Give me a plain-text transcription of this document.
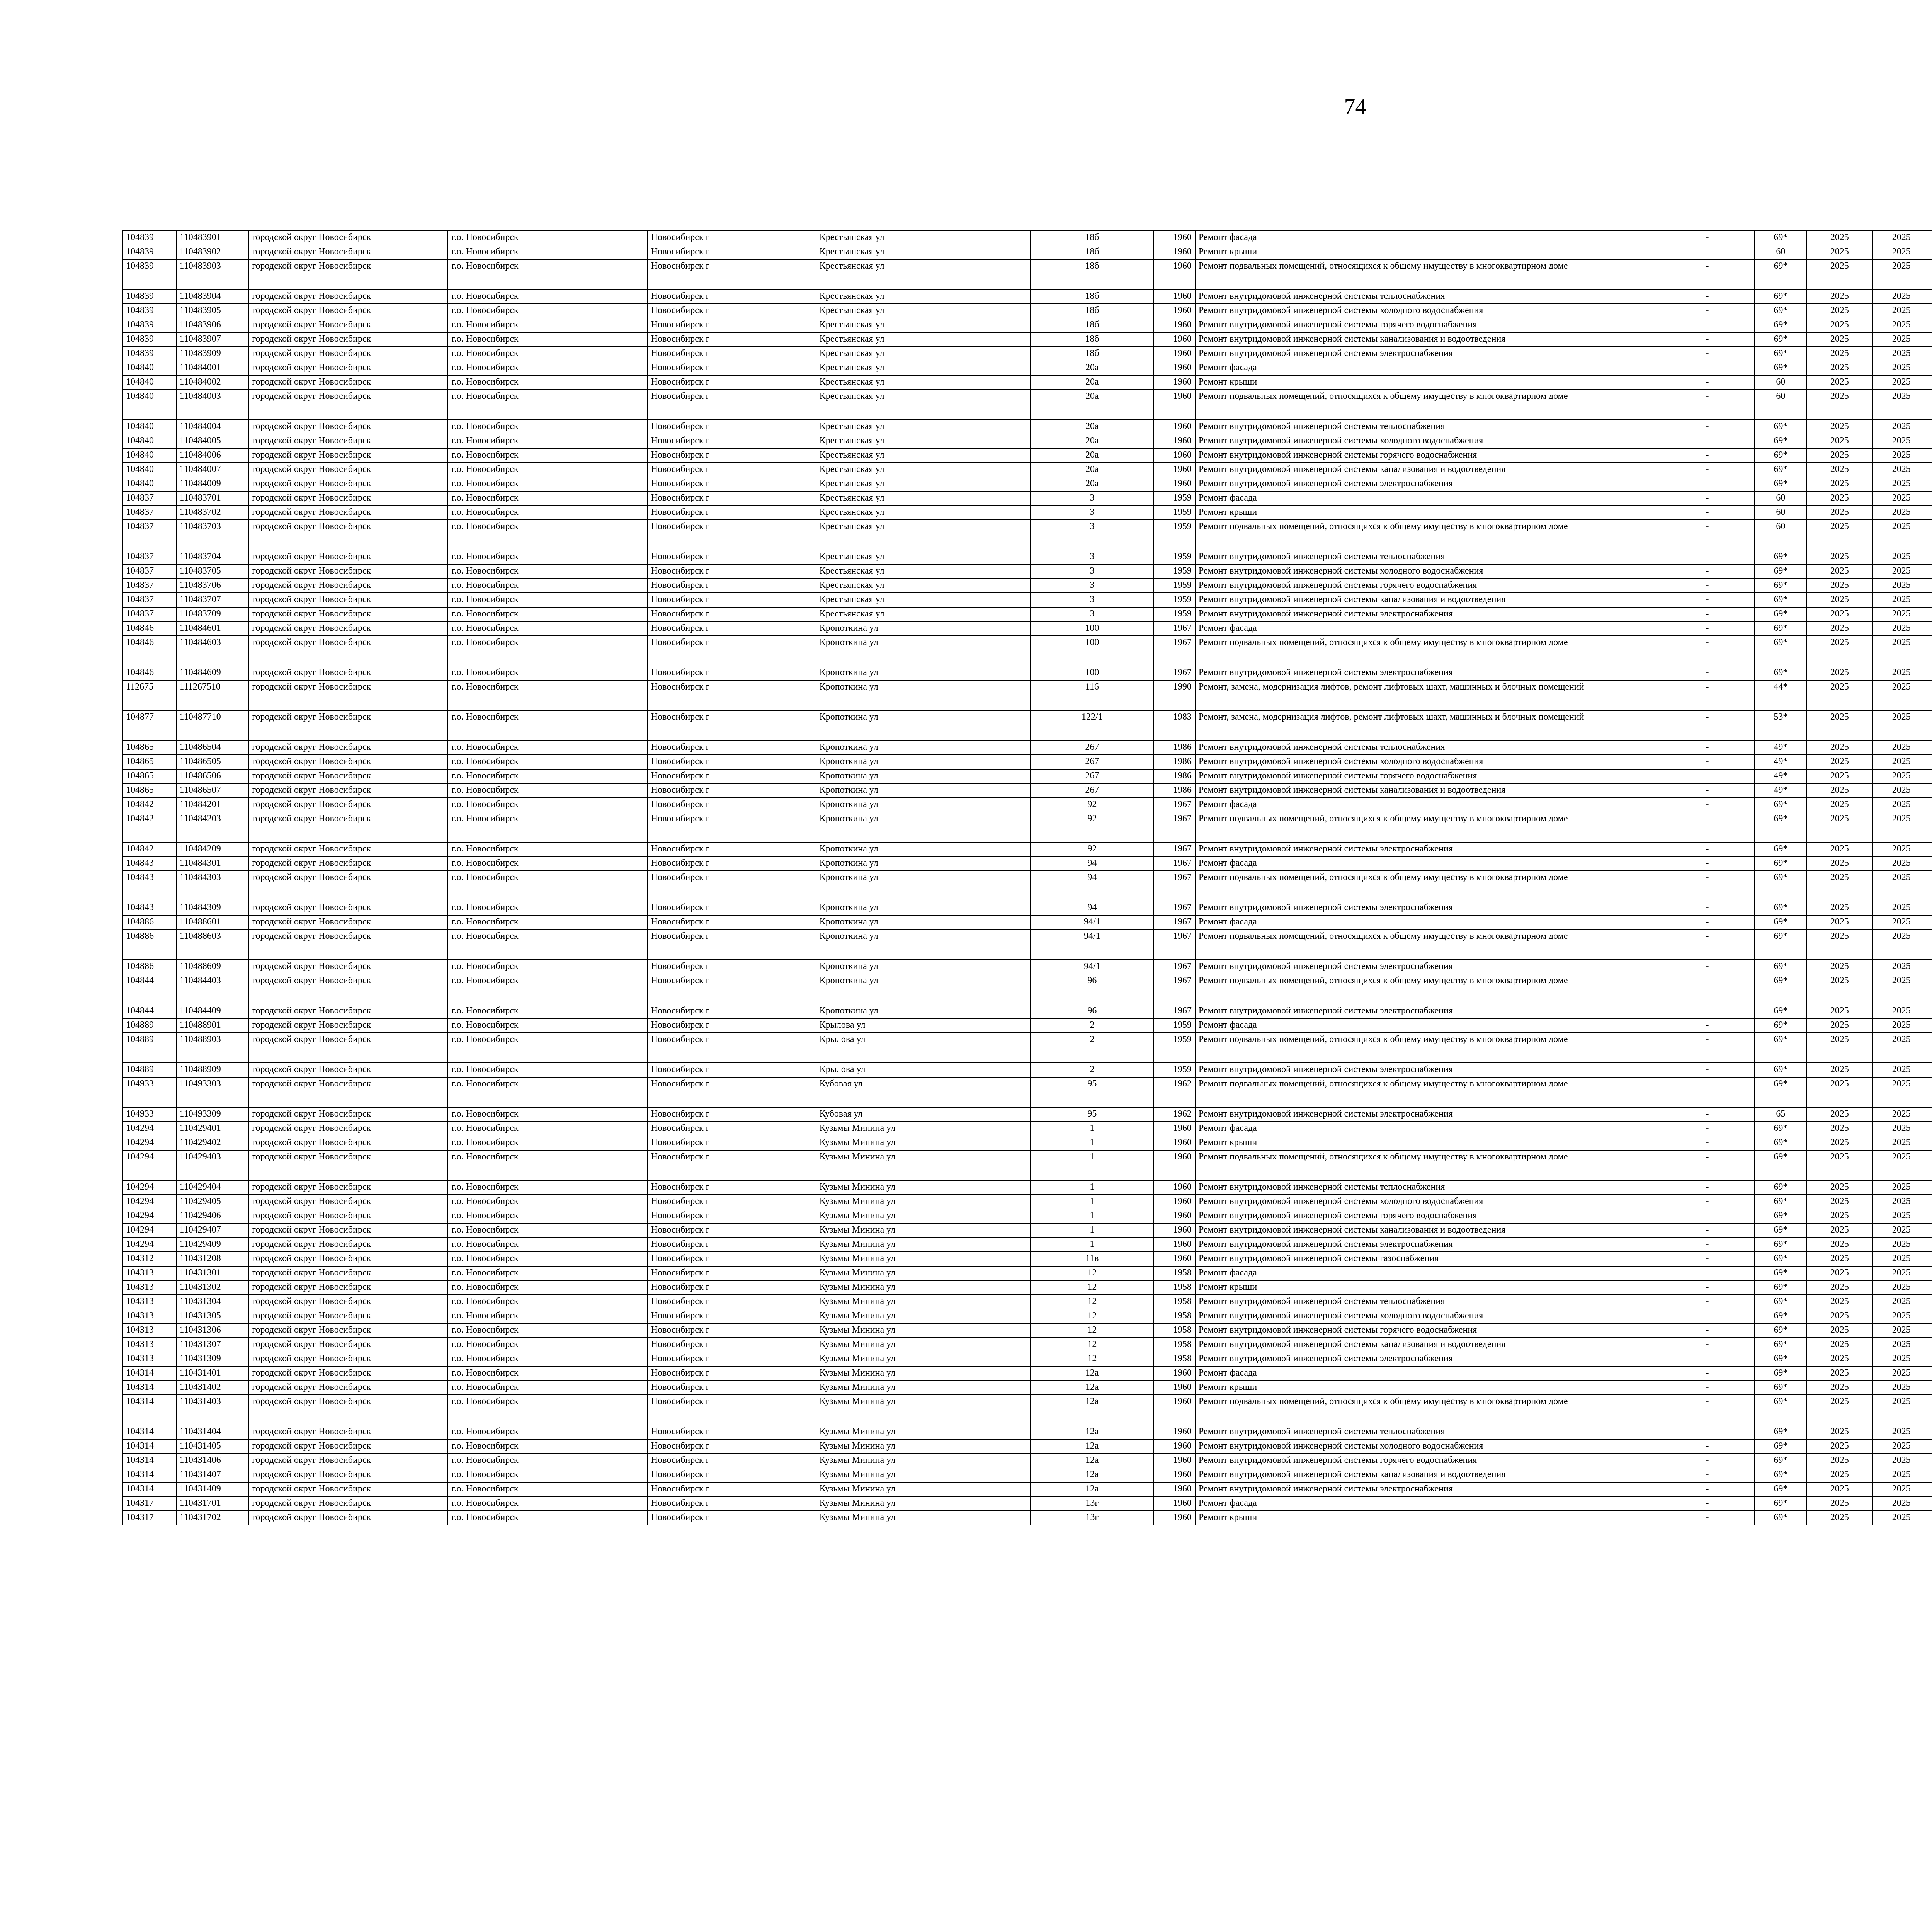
74
104839	110483901	городской округ Новосибирск	г.о. Новосибирск	Новосибирск г	Крестьянская ул	18б	1960	Ремонт фасада	-	69*	2025	2025							
104839	110483902	городской округ Новосибирск	г.о. Новосибирск	Новосибирск г	Крестьянская ул	18б	1960	Ремонт крыши	-	60	2025	2025							
104839	110483903	городской округ Новосибирск	г.о. Новосибирск	Новосибирск г	Крестьянская ул	18б	1960	Ремонт подвальных помещений, относящихся к общему имуществу в многоквартирном доме	-	69*	2025	2025							
104839	110483904	городской округ Новосибирск	г.о. Новосибирск	Новосибирск г	Крестьянская ул	18б	1960	Ремонт внутридомовой инженерной системы теплоснабжения	-	69*	2025	2025							
104839	110483905	городской округ Новосибирск	г.о. Новосибирск	Новосибирск г	Крестьянская ул	18б	1960	Ремонт внутридомовой инженерной системы холодного водоснабжения	-	69*	2025	2025							
104839	110483906	городской округ Новосибирск	г.о. Новосибирск	Новосибирск г	Крестьянская ул	18б	1960	Ремонт внутридомовой инженерной системы горячего водоснабжения	-	69*	2025	2025							
104839	110483907	городской округ Новосибирск	г.о. Новосибирск	Новосибирск г	Крестьянская ул	18б	1960	Ремонт внутридомовой инженерной системы канализования и водоотведения	-	69*	2025	2025							
104839	110483909	городской округ Новосибирск	г.о. Новосибирск	Новосибирск г	Крестьянская ул	18б	1960	Ремонт внутридомовой инженерной системы электроснабжения	-	69*	2025	2025							
104840	110484001	городской округ Новосибирск	г.о. Новосибирск	Новосибирск г	Крестьянская ул	20а	1960	Ремонт фасада	-	69*	2025	2025							
104840	110484002	городской округ Новосибирск	г.о. Новосибирск	Новосибирск г	Крестьянская ул	20а	1960	Ремонт крыши	-	60	2025	2025							
104840	110484003	городской округ Новосибирск	г.о. Новосибирск	Новосибирск г	Крестьянская ул	20а	1960	Ремонт подвальных помещений, относящихся к общему имуществу в многоквартирном доме	-	60	2025	2025							
104840	110484004	городской округ Новосибирск	г.о. Новосибирск	Новосибирск г	Крестьянская ул	20а	1960	Ремонт внутридомовой инженерной системы теплоснабжения	-	69*	2025	2025							
104840	110484005	городской округ Новосибирск	г.о. Новосибирск	Новосибирск г	Крестьянская ул	20а	1960	Ремонт внутридомовой инженерной системы холодного водоснабжения	-	69*	2025	2025							
104840	110484006	городской округ Новосибирск	г.о. Новосибирск	Новосибирск г	Крестьянская ул	20а	1960	Ремонт внутридомовой инженерной системы горячего водоснабжения	-	69*	2025	2025							
104840	110484007	городской округ Новосибирск	г.о. Новосибирск	Новосибирск г	Крестьянская ул	20а	1960	Ремонт внутридомовой инженерной системы канализования и водоотведения	-	69*	2025	2025							
104840	110484009	городской округ Новосибирск	г.о. Новосибирск	Новосибирск г	Крестьянская ул	20а	1960	Ремонт внутридомовой инженерной системы электроснабжения	-	69*	2025	2025							
104837	110483701	городской округ Новосибирск	г.о. Новосибирск	Новосибирск г	Крестьянская ул	3	1959	Ремонт фасада	-	60	2025	2025							
104837	110483702	городской округ Новосибирск	г.о. Новосибирск	Новосибирск г	Крестьянская ул	3	1959	Ремонт крыши	-	60	2025	2025							
104837	110483703	городской округ Новосибирск	г.о. Новосибирск	Новосибирск г	Крестьянская ул	3	1959	Ремонт подвальных помещений, относящихся к общему имуществу в многоквартирном доме	-	60	2025	2025							
104837	110483704	городской округ Новосибирск	г.о. Новосибирск	Новосибирск г	Крестьянская ул	3	1959	Ремонт внутридомовой инженерной системы теплоснабжения	-	69*	2025	2025							
104837	110483705	городской округ Новосибирск	г.о. Новосибирск	Новосибирск г	Крестьянская ул	3	1959	Ремонт внутридомовой инженерной системы холодного водоснабжения	-	69*	2025	2025							
104837	110483706	городской округ Новосибирск	г.о. Новосибирск	Новосибирск г	Крестьянская ул	3	1959	Ремонт внутридомовой инженерной системы горячего водоснабжения	-	69*	2025	2025							
104837	110483707	городской округ Новосибирск	г.о. Новосибирск	Новосибирск г	Крестьянская ул	3	1959	Ремонт внутридомовой инженерной системы канализования и водоотведения	-	69*	2025	2025							
104837	110483709	городской округ Новосибирск	г.о. Новосибирск	Новосибирск г	Крестьянская ул	3	1959	Ремонт внутридомовой инженерной системы электроснабжения	-	69*	2025	2025							
104846	110484601	городской округ Новосибирск	г.о. Новосибирск	Новосибирск г	Кропоткина ул	100	1967	Ремонт фасада	-	69*	2025	2025							
104846	110484603	городской округ Новосибирск	г.о. Новосибирск	Новосибирск г	Кропоткина ул	100	1967	Ремонт подвальных помещений, относящихся к общему имуществу в многоквартирном доме	-	69*	2025	2025							
104846	110484609	городской округ Новосибирск	г.о. Новосибирск	Новосибирск г	Кропоткина ул	100	1967	Ремонт внутридомовой инженерной системы электроснабжения	-	69*	2025	2025							
112675	111267510	городской округ Новосибирск	г.о. Новосибирск	Новосибирск г	Кропоткина ул	116	1990	Ремонт, замена, модернизация лифтов, ремонт лифтовых шахт, машинных и блочных помещений	-	44*	2025	2025							
104877	110487710	городской округ Новосибирск	г.о. Новосибирск	Новосибирск г	Кропоткина ул	122/1	1983	Ремонт, замена, модернизация лифтов, ремонт лифтовых шахт, машинных и блочных помещений	-	53*	2025	2025							
104865	110486504	городской округ Новосибирск	г.о. Новосибирск	Новосибирск г	Кропоткина ул	267	1986	Ремонт внутридомовой инженерной системы теплоснабжения	-	49*	2025	2025							
104865	110486505	городской округ Новосибирск	г.о. Новосибирск	Новосибирск г	Кропоткина ул	267	1986	Ремонт внутридомовой инженерной системы холодного водоснабжения	-	49*	2025	2025							
104865	110486506	городской округ Новосибирск	г.о. Новосибирск	Новосибирск г	Кропоткина ул	267	1986	Ремонт внутридомовой инженерной системы горячего водоснабжения	-	49*	2025	2025							
104865	110486507	городской округ Новосибирск	г.о. Новосибирск	Новосибирск г	Кропоткина ул	267	1986	Ремонт внутридомовой инженерной системы канализования и водоотведения	-	49*	2025	2025							
104842	110484201	городской округ Новосибирск	г.о. Новосибирск	Новосибирск г	Кропоткина ул	92	1967	Ремонт фасада	-	69*	2025	2025							
104842	110484203	городской округ Новосибирск	г.о. Новосибирск	Новосибирск г	Кропоткина ул	92	1967	Ремонт подвальных помещений, относящихся к общему имуществу в многоквартирном доме	-	69*	2025	2025							
104842	110484209	городской округ Новосибирск	г.о. Новосибирск	Новосибирск г	Кропоткина ул	92	1967	Ремонт внутридомовой инженерной системы электроснабжения	-	69*	2025	2025							
104843	110484301	городской округ Новосибирск	г.о. Новосибирск	Новосибирск г	Кропоткина ул	94	1967	Ремонт фасада	-	69*	2025	2025							
104843	110484303	городской округ Новосибирск	г.о. Новосибирск	Новосибирск г	Кропоткина ул	94	1967	Ремонт подвальных помещений, относящихся к общему имуществу в многоквартирном доме	-	69*	2025	2025							
104843	110484309	городской округ Новосибирск	г.о. Новосибирск	Новосибирск г	Кропоткина ул	94	1967	Ремонт внутридомовой инженерной системы электроснабжения	-	69*	2025	2025							
104886	110488601	городской округ Новосибирск	г.о. Новосибирск	Новосибирск г	Кропоткина ул	94/1	1967	Ремонт фасада	-	69*	2025	2025							
104886	110488603	городской округ Новосибирск	г.о. Новосибирск	Новосибирск г	Кропоткина ул	94/1	1967	Ремонт подвальных помещений, относящихся к общему имуществу в многоквартирном доме	-	69*	2025	2025							
104886	110488609	городской округ Новосибирск	г.о. Новосибирск	Новосибирск г	Кропоткина ул	94/1	1967	Ремонт внутридомовой инженерной системы электроснабжения	-	69*	2025	2025							
104844	110484403	городской округ Новосибирск	г.о. Новосибирск	Новосибирск г	Кропоткина ул	96	1967	Ремонт подвальных помещений, относящихся к общему имуществу в многоквартирном доме	-	69*	2025	2025							
104844	110484409	городской округ Новосибирск	г.о. Новосибирск	Новосибирск г	Кропоткина ул	96	1967	Ремонт внутридомовой инженерной системы электроснабжения	-	69*	2025	2025							
104889	110488901	городской округ Новосибирск	г.о. Новосибирск	Новосибирск г	Крылова ул	2	1959	Ремонт фасада	-	69*	2025	2025							
104889	110488903	городской округ Новосибирск	г.о. Новосибирск	Новосибирск г	Крылова ул	2	1959	Ремонт подвальных помещений, относящихся к общему имуществу в многоквартирном доме	-	69*	2025	2025							
104889	110488909	городской округ Новосибирск	г.о. Новосибирск	Новосибирск г	Крылова ул	2	1959	Ремонт внутридомовой инженерной системы электроснабжения	-	69*	2025	2025							
104933	110493303	городской округ Новосибирск	г.о. Новосибирск	Новосибирск г	Кубовая ул	95	1962	Ремонт подвальных помещений, относящихся к общему имуществу в многоквартирном доме	-	69*	2025	2025							
104933	110493309	городской округ Новосибирск	г.о. Новосибирск	Новосибирск г	Кубовая ул	95	1962	Ремонт внутридомовой инженерной системы электроснабжения	-	65	2025	2025							
104294	110429401	городской округ Новосибирск	г.о. Новосибирск	Новосибирск г	Кузьмы Минина ул	1	1960	Ремонт фасада	-	69*	2025	2025							
104294	110429402	городской округ Новосибирск	г.о. Новосибирск	Новосибирск г	Кузьмы Минина ул	1	1960	Ремонт крыши	-	69*	2025	2025							
104294	110429403	городской округ Новосибирск	г.о. Новосибирск	Новосибирск г	Кузьмы Минина ул	1	1960	Ремонт подвальных помещений, относящихся к общему имуществу в многоквартирном доме	-	69*	2025	2025							
104294	110429404	городской округ Новосибирск	г.о. Новосибирск	Новосибирск г	Кузьмы Минина ул	1	1960	Ремонт внутридомовой инженерной системы теплоснабжения	-	69*	2025	2025							
104294	110429405	городской округ Новосибирск	г.о. Новосибирск	Новосибирск г	Кузьмы Минина ул	1	1960	Ремонт внутридомовой инженерной системы холодного водоснабжения	-	69*	2025	2025							
104294	110429406	городской округ Новосибирск	г.о. Новосибирск	Новосибирск г	Кузьмы Минина ул	1	1960	Ремонт внутридомовой инженерной системы горячего водоснабжения	-	69*	2025	2025							
104294	110429407	городской округ Новосибирск	г.о. Новосибирск	Новосибирск г	Кузьмы Минина ул	1	1960	Ремонт внутридомовой инженерной системы канализования и водоотведения	-	69*	2025	2025							
104294	110429409	городской округ Новосибирск	г.о. Новосибирск	Новосибирск г	Кузьмы Минина ул	1	1960	Ремонт внутридомовой инженерной системы электроснабжения	-	69*	2025	2025							
104312	110431208	городской округ Новосибирск	г.о. Новосибирск	Новосибирск г	Кузьмы Минина ул	11в	1960	Ремонт внутридомовой инженерной системы газоснабжения	-	69*	2025	2025							
104313	110431301	городской округ Новосибирск	г.о. Новосибирск	Новосибирск г	Кузьмы Минина ул	12	1958	Ремонт фасада	-	69*	2025	2025							
104313	110431302	городской округ Новосибирск	г.о. Новосибирск	Новосибирск г	Кузьмы Минина ул	12	1958	Ремонт крыши	-	69*	2025	2025							
104313	110431304	городской округ Новосибирск	г.о. Новосибирск	Новосибирск г	Кузьмы Минина ул	12	1958	Ремонт внутридомовой инженерной системы теплоснабжения	-	69*	2025	2025							
104313	110431305	городской округ Новосибирск	г.о. Новосибирск	Новосибирск г	Кузьмы Минина ул	12	1958	Ремонт внутридомовой инженерной системы холодного водоснабжения	-	69*	2025	2025							
104313	110431306	городской округ Новосибирск	г.о. Новосибирск	Новосибирск г	Кузьмы Минина ул	12	1958	Ремонт внутридомовой инженерной системы горячего водоснабжения	-	69*	2025	2025							
104313	110431307	городской округ Новосибирск	г.о. Новосибирск	Новосибирск г	Кузьмы Минина ул	12	1958	Ремонт внутридомовой инженерной системы канализования и водоотведения	-	69*	2025	2025							
104313	110431309	городской округ Новосибирск	г.о. Новосибирск	Новосибирск г	Кузьмы Минина ул	12	1958	Ремонт внутридомовой инженерной системы электроснабжения	-	69*	2025	2025							
104314	110431401	городской округ Новосибирск	г.о. Новосибирск	Новосибирск г	Кузьмы Минина ул	12а	1960	Ремонт фасада	-	69*	2025	2025							
104314	110431402	городской округ Новосибирск	г.о. Новосибирск	Новосибирск г	Кузьмы Минина ул	12а	1960	Ремонт крыши	-	69*	2025	2025							
104314	110431403	городской округ Новосибирск	г.о. Новосибирск	Новосибирск г	Кузьмы Минина ул	12а	1960	Ремонт подвальных помещений, относящихся к общему имуществу в многоквартирном доме	-	69*	2025	2025							
104314	110431404	городской округ Новосибирск	г.о. Новосибирск	Новосибирск г	Кузьмы Минина ул	12а	1960	Ремонт внутридомовой инженерной системы теплоснабжения	-	69*	2025	2025							
104314	110431405	городской округ Новосибирск	г.о. Новосибирск	Новосибирск г	Кузьмы Минина ул	12а	1960	Ремонт внутридомовой инженерной системы холодного водоснабжения	-	69*	2025	2025							
104314	110431406	городской округ Новосибирск	г.о. Новосибирск	Новосибирск г	Кузьмы Минина ул	12а	1960	Ремонт внутридомовой инженерной системы горячего водоснабжения	-	69*	2025	2025							
104314	110431407	городской округ Новосибирск	г.о. Новосибирск	Новосибирск г	Кузьмы Минина ул	12а	1960	Ремонт внутридомовой инженерной системы канализования и водоотведения	-	69*	2025	2025							
104314	110431409	городской округ Новосибирск	г.о. Новосибирск	Новосибирск г	Кузьмы Минина ул	12а	1960	Ремонт внутридомовой инженерной системы электроснабжения	-	69*	2025	2025							
104317	110431701	городской округ Новосибирск	г.о. Новосибирск	Новосибирск г	Кузьмы Минина ул	13г	1960	Ремонт фасада	-	69*	2025	2025							
104317	110431702	городской округ Новосибирск	г.о. Новосибирск	Новосибирск г	Кузьмы Минина ул	13г	1960	Ремонт крыши	-	69*	2025	2025							
